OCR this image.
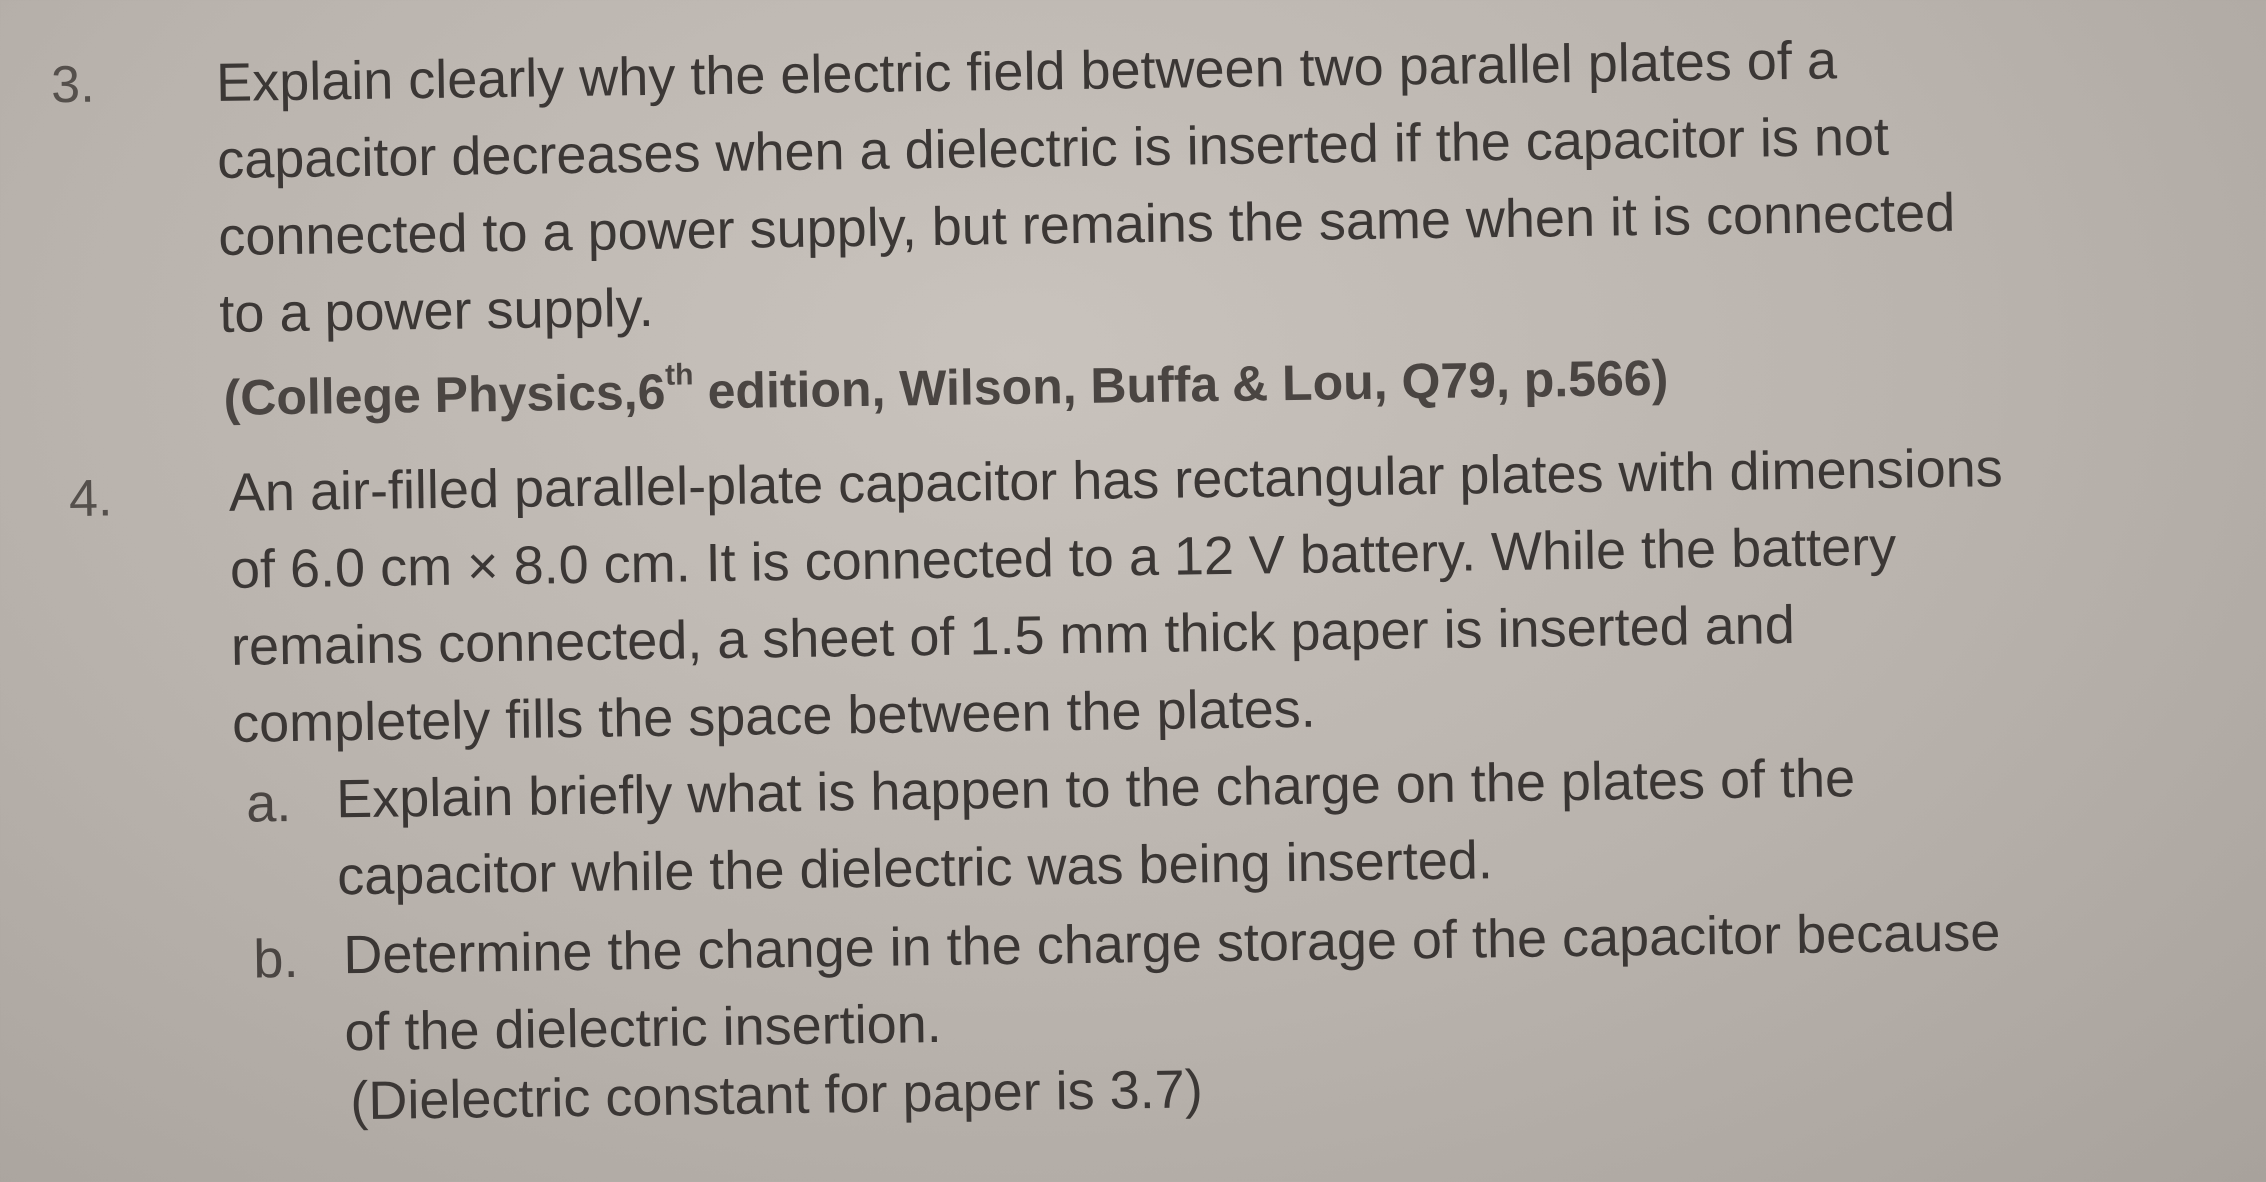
3. Explain clearly why the electric field between two parallel plates of a
capacitor decreases when a dielectric is inserted if the capacitor is not
connected to a power supply, but remains the same when it is connected
to a power supply.
(College Physics,6th edition, Wilson, Buffa & Lou, Q79, p.566)
4. An air-filled parallel-plate capacitor has rectangular plates with dimensions
of 6.0 cm × 8.0 cm. It is connected to a 12 V battery. While the battery
remains connected, a sheet of 1.5 mm thick paper is inserted and
completely fills the space between the plates.
a. Explain briefly what is happen to the charge on the plates of the
capacitor while the dielectric was being inserted.
b. Determine the change in the charge storage of the capacitor because
of the dielectric insertion.
(Dielectric constant for paper is 3.7)
